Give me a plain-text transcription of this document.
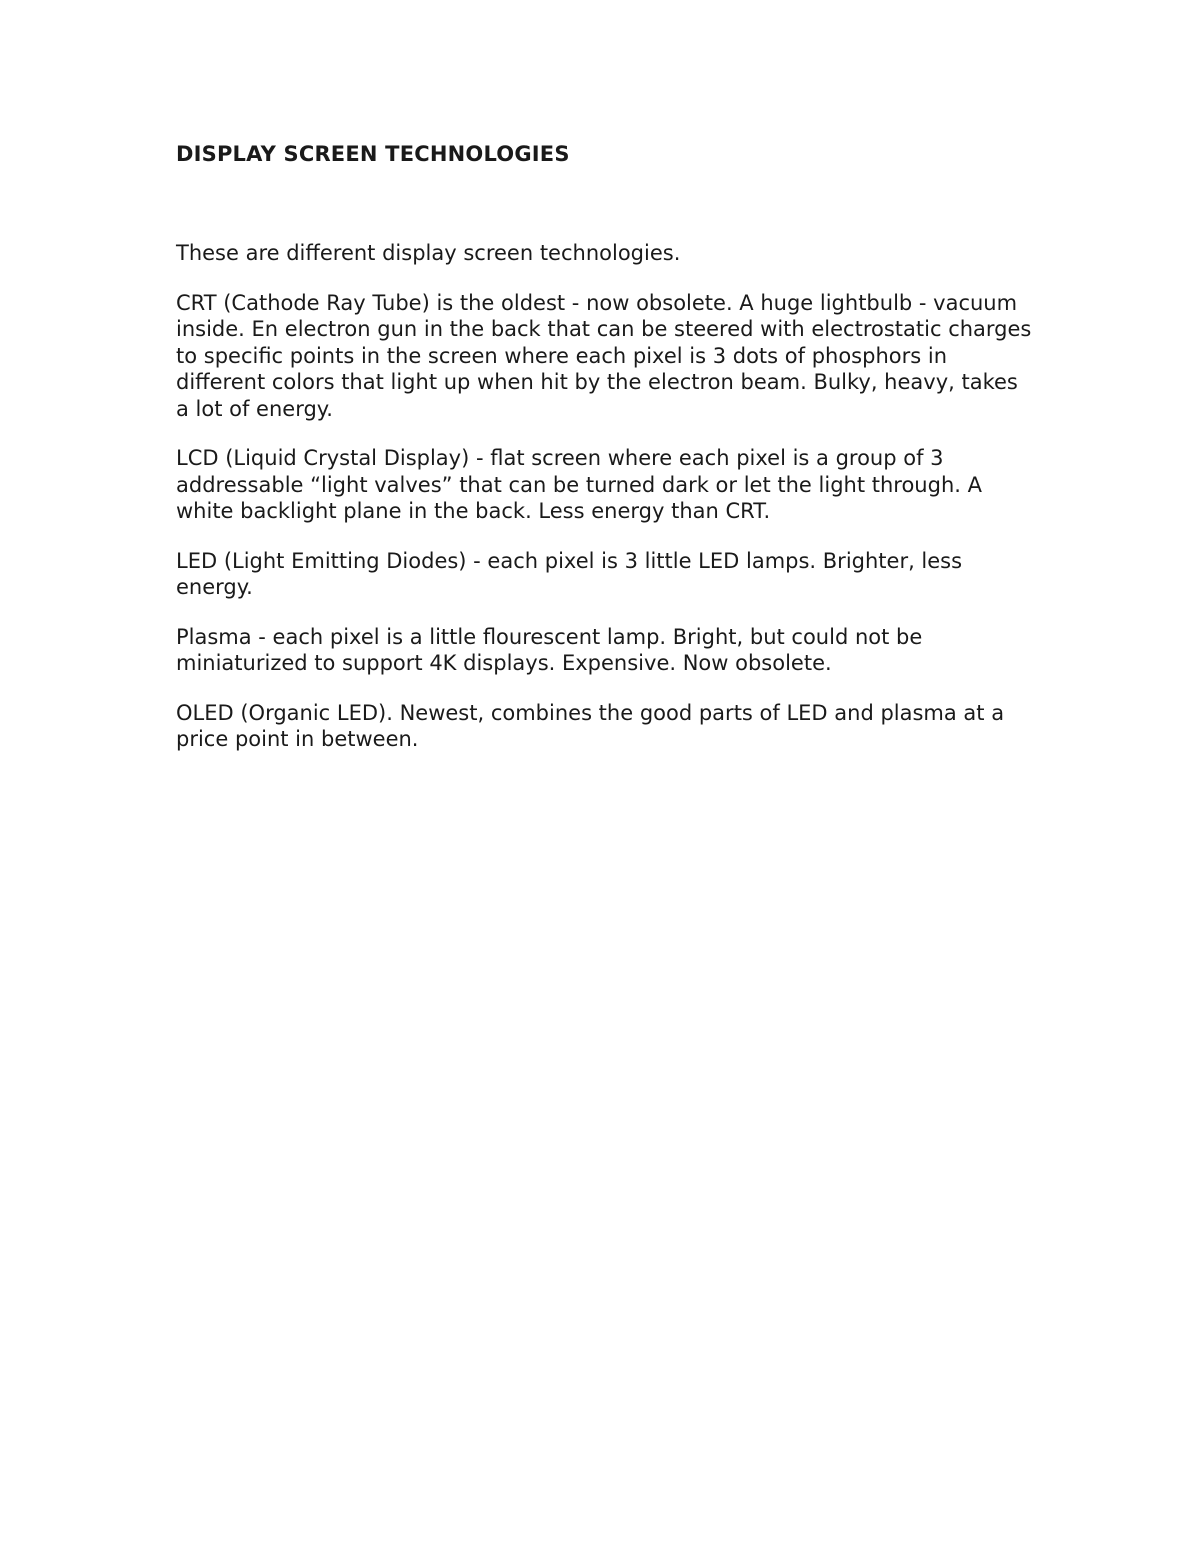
DISPLAY SCREEN TECHNOLOGIES

These are different display screen technologies.

CRT (Cathode Ray Tube) is the oldest - now obsolete. A huge lightbulb - vacuum inside. En electron gun in the back that can be steered with electrostatic charges to specific points in the screen where each pixel is 3 dots of phosphors in different colors that light up when hit by the electron beam. Bulky, heavy, takes a lot of energy.

LCD (Liquid Crystal Display) - flat screen where each pixel is a group of 3 addressable “light valves” that can be turned dark or let the light through. A white backlight plane in the back. Less energy than CRT.

LED (Light Emitting Diodes) - each pixel is 3 little LED lamps. Brighter, less energy.

Plasma - each pixel is a little flourescent lamp. Bright, but could not be miniaturized to support 4K displays. Expensive. Now obsolete.

OLED (Organic LED). Newest, combines the good parts of LED and plasma at a price point in between.
